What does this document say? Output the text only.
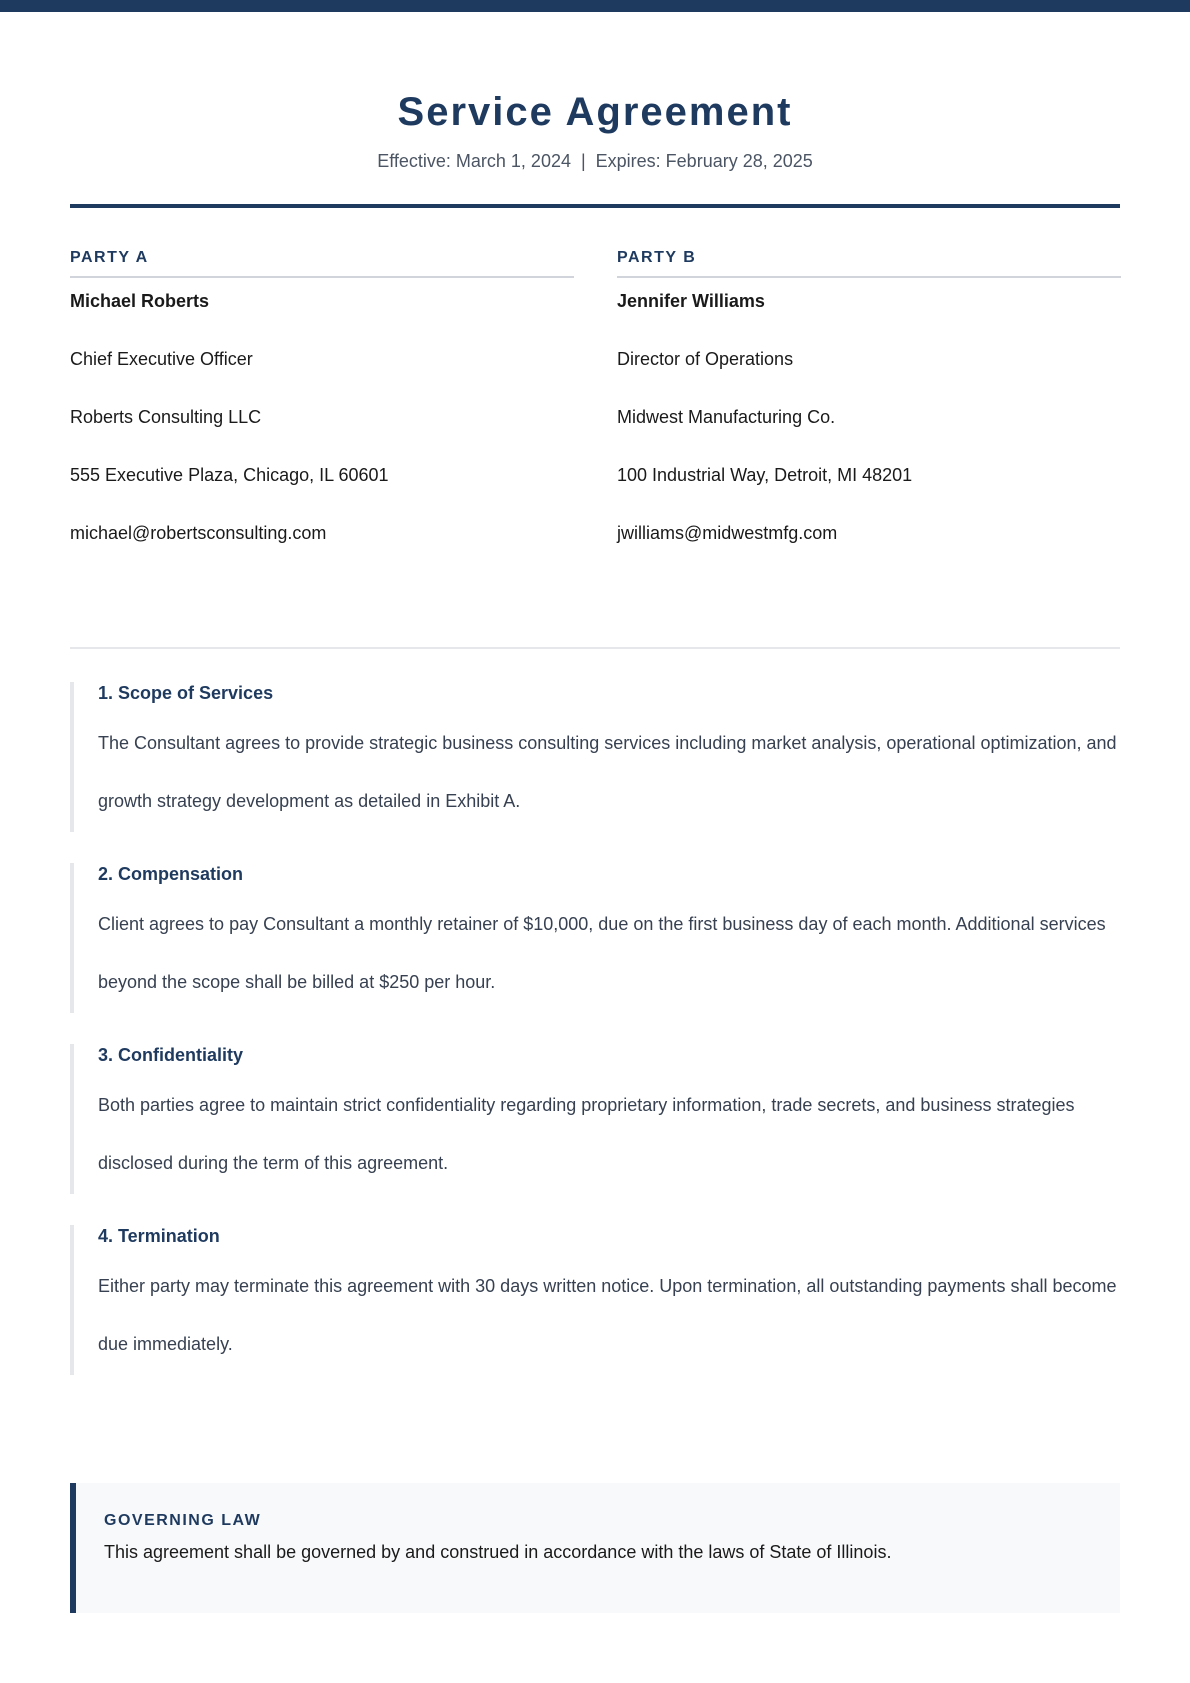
Service Agreement
Effective: March 1, 2024  |  Expires: February 28, 2025
PARTY A
Michael Roberts
Chief Executive Officer
Roberts Consulting LLC
555 Executive Plaza, Chicago, IL 60601
michael@robertsconsulting.com
PARTY B
Jennifer Williams
Director of Operations
Midwest Manufacturing Co.
100 Industrial Way, Detroit, MI 48201
jwilliams@midwestmfg.com
1. Scope of Services
The Consultant agrees to provide strategic business consulting services including market analysis, operational optimization, and growth strategy development as detailed in Exhibit A.
2. Compensation
Client agrees to pay Consultant a monthly retainer of $10,000, due on the first business day of each month. Additional services beyond the scope shall be billed at $250 per hour.
3. Confidentiality
Both parties agree to maintain strict confidentiality regarding proprietary information, trade secrets, and business strategies disclosed during the term of this agreement.
4. Termination
Either party may terminate this agreement with 30 days written notice. Upon termination, all outstanding payments shall become due immediately.
GOVERNING LAW
This agreement shall be governed by and construed in accordance with the laws of State of Illinois.
